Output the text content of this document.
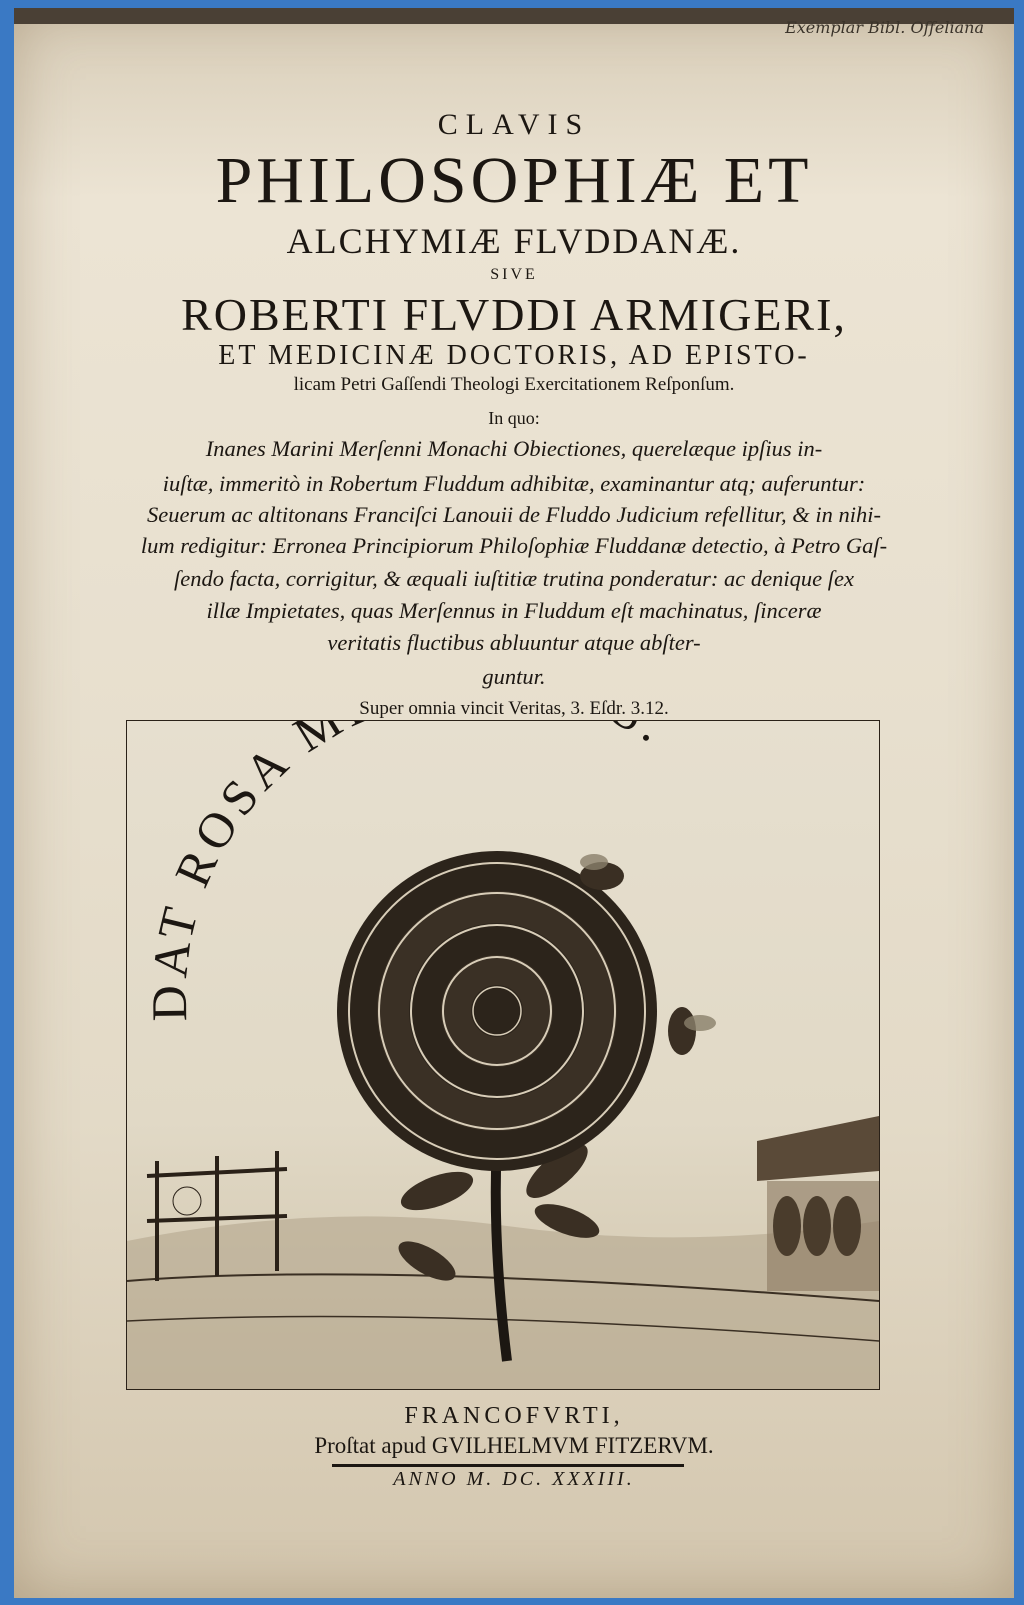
Exemplar Bibl. Offeliana
CLAVIS
PHILOSOPHIÆ ET
ALCHYMIÆ FLVDDANÆ.
SIVE
ROBERTI FLVDDI ARMIGERI,
ET MEDICINÆ DOCTORIS, AD EPISTO-
licam Petri Gaſſendi Theologi Exercitationem Reſponſum.
In quo:
Inanes Marini Merſenni Monachi Obiectiones, querelæque ipſius in-
iuſtæ, immeritò in Robertum Fluddum adhibitæ, examinantur atq; auferuntur:
Seuerum ac altitonans Franciſci Lanouii de Fluddo Judicium refellitur, & in nihi-
lum redigitur: Erronea Principiorum Philoſophiæ Fluddanæ detectio, à Petro Gaſ-
ſendo facta, corrigitur, & æquali iuſtitiæ trutina ponderatur: ac denique ſex
illæ Impietates, quas Merſennus in Fluddum eſt machinatus, ſinceræ
veritatis fluctibus abluuntur atque abſter-
guntur.
Super omnia vincit Veritas, 3. Eſdr. 3.12.
DAT ROSA M .
FRANCOFVRTI,
Proſtat apud GVILHELMVM FITZERVM.
ANNO M. DC. XXXIII.
